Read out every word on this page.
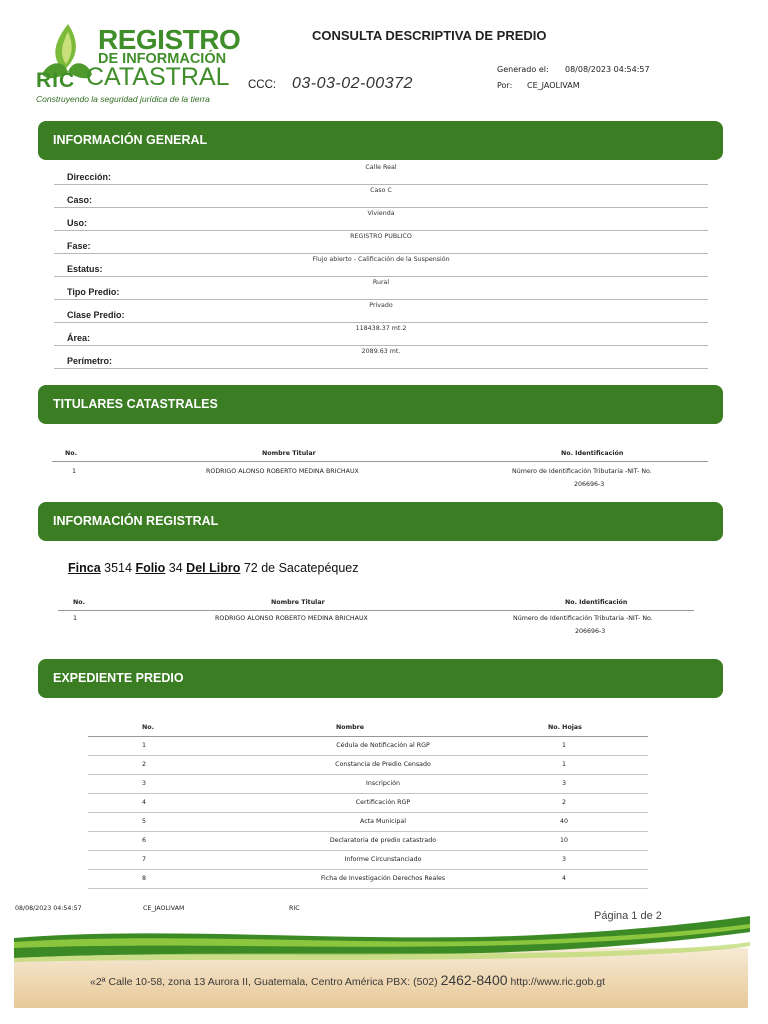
REGISTRO
DE INFORMACIÓN
CATASTRAL
RIC
Construyendo la seguridad jurídica de la tierra
CONSULTA DESCRIPTIVA DE PREDIO
CCC: 03-03-02-00372
Generado el: 08/08/2023 04:54:57
Por: CE_JAOLIVAM
INFORMACIÓN GENERAL
Dirección:
Calle Real
Caso:
Caso C
Uso:
Vivienda
Fase:
REGISTRO PUBLICO
Estatus:
Flujo abierto - Calificación de la Suspensión
Tipo Predio:
Rural
Clase Predio:
Privado
Área:
118438.37 mt.2
Perímetro:
2089.63 mt.
TITULARES CATASTRALES
No.	Nombre Titular	No. Identificación
1	RODRIGO ALONSO ROBERTO MEDINA BRICHAUX	Número de Identificación Tributaria -NIT- No.
206696-3
INFORMACIÓN REGISTRAL
Finca 3514 Folio 34 Del Libro 72 de Sacatepéquez
No.	Nombre Titular	No. Identificación
1	RODRIGO ALONSO ROBERTO MEDINA BRICHAUX	Número de Identificación Tributaria -NIT- No.
206696-3
EXPEDIENTE PREDIO
No.	Nombre	No. Hojas
1	Cédula de Notificación al RGP	1
2	Constancia de Predio Censado	1
3	Inscripción	3
4	Certificación RGP	2
5	Acta Municipal	40
6	Declaratoria de predio catastrado	10
7	Informe Circunstanciado	3
8	Ficha de Investigación Derechos Reales	4
08/08/2023 04:54:57	CE_JAOLIVAM	RIC
Página 1 de 2
«2ª Calle 10-58, zona 13 Aurora II, Guatemala, Centro América PBX: (502) 2462-8400 http://www.ric.gob.gt
